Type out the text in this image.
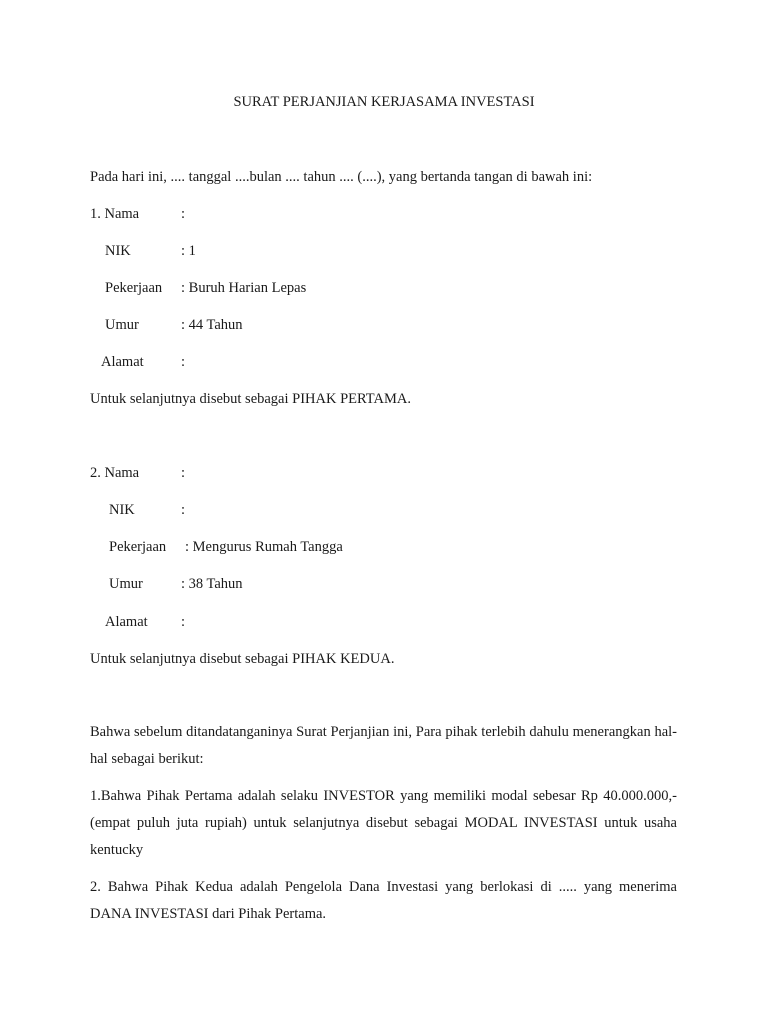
SURAT PERJANJIAN KERJASAMA INVESTASI
Pada hari ini, .... tanggal ....bulan .... tahun .... (....), yang bertanda tangan di bawah ini:
1. Nama	:
NIK	: 1
Pekerjaan : Buruh Harian Lepas
Umur	: 44 Tahun
Alamat	:
Untuk selanjutnya disebut sebagai PIHAK PERTAMA.
2. Nama	:
NIK	:
Pekerjaan : Mengurus Rumah Tangga
Umur	: 38 Tahun
Alamat :
Untuk selanjutnya disebut sebagai PIHAK KEDUA.
Bahwa sebelum ditandatanganinya Surat Perjanjian ini, Para pihak terlebih dahulu menerangkan hal-hal sebagai berikut:
1.Bahwa Pihak Pertama adalah selaku INVESTOR yang memiliki modal sebesar Rp 40.000.000,- (empat puluh juta rupiah) untuk selanjutnya disebut sebagai MODAL INVESTASI untuk usaha kentucky
2. Bahwa Pihak Kedua adalah Pengelola Dana Investasi yang berlokasi di ..... yang menerima DANA INVESTASI dari Pihak Pertama.
